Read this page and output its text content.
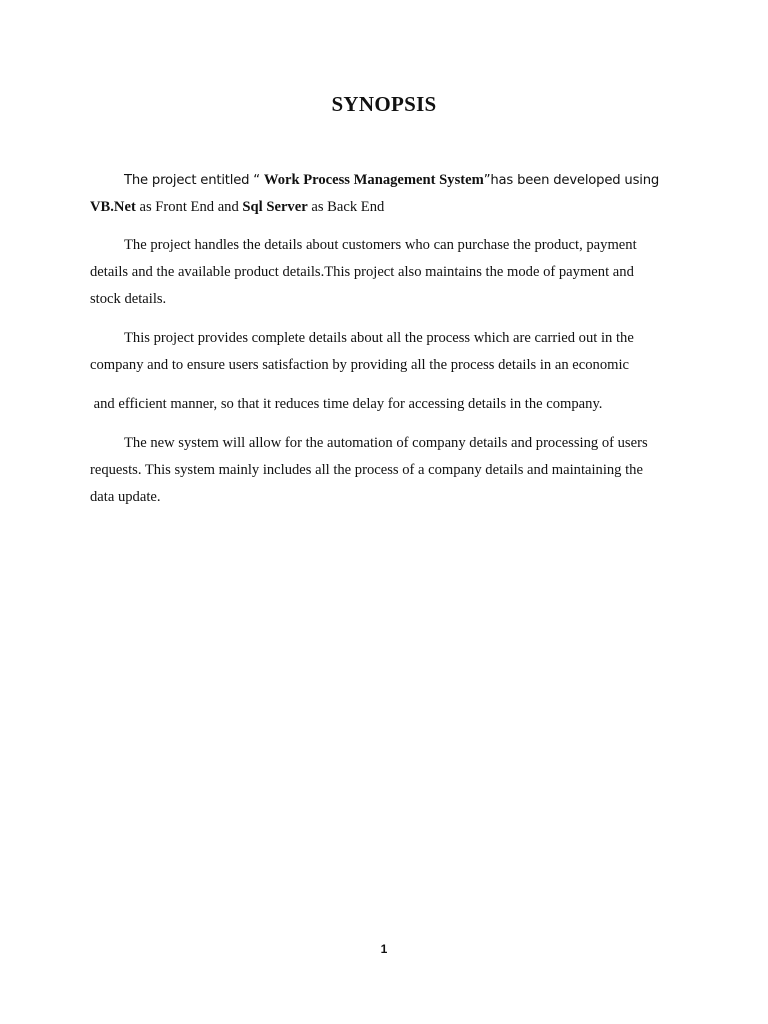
SYNOPSIS

The project entitled “ Work Process Management System”has been developed using
VB.Net as Front End and Sql Server as Back End

The project handles the details about customers who can purchase the product, payment
details and the available product details.This project also maintains the mode of payment and
stock details.

This project provides complete details about all the process which are carried out in the
company and to ensure users satisfaction by providing all the process details in an economic
and efficient manner, so that it reduces time delay for accessing details in the company.

The new system will allow for the automation of company details and processing of users
requests. This system mainly includes all the process of a company details and maintaining the
data update.

1
